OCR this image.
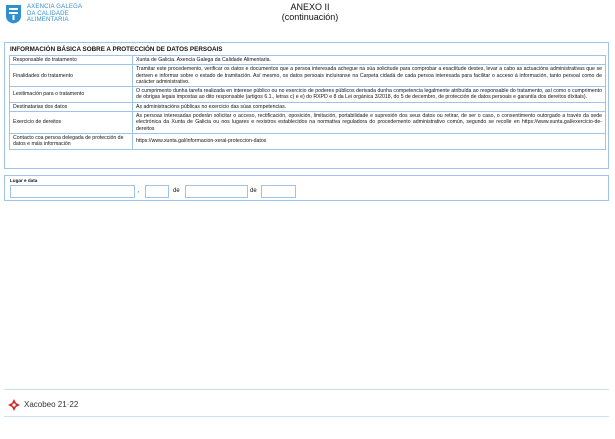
AXENCIA GALEGA
DA CALIDADE
ALIMENTARIA
ANEXO II
(continuación)
INFORMACIÓN BÁSICA SOBRE A PROTECCIÓN DE DATOS PERSOAIS
Responsable do tratamento	Xunta de Galicia. Axencia Galega da Calidade Alimentaria.
Finalidades do tratamento	Tramitar este procedemento, verificar os datos e documentos que a persoa interesada achegue na súa solicitude para comprobar a exactitude destes, levar a cabo as actuacións administrativas que se deriven e informar sobre o estado de tramitación. Así mesmo, os datos persoais incluiranse na Carpeta cidadá de cada persoa interesada para facilitar o acceso á información, tanto persoal como de carácter administrativo.
Lexitimación para o tratamento	O cumprimento dunha tarefa realizada en interese público ou no exercicio de poderes públicos derivada dunha competencia legalmente atribuída ao responsable do tratamento, así como o cumprimento de obrigas legais impostas ao dito responsable (artigos 6.1., letras c) e e) do RXPD e 8 da Lei orgánica 3/2018, do 5 de decembro, de protección de datos persoais e garantía dos dereitos díxitais).
Destinatarias dos datos	As administracións públicas no exercicio das súas competencias.
Exercicio de dereitos	As persoas interesadas poderán solicitar o acceso, rectificación, oposición, limitación, portabilidade e supresión dos seus datos ou retirar, de ser o caso, o consentimento outorgado a través da sede electrónica da Xunta de Galicia ou nos lugares e rexistros establecidos na normativa reguladora do procedemento administrativo común, segundo se recolle en https://www.xunta.gal/exercicio-de-dereitos
Contacto coa persoa delegada de protección de datos e máis información	https://www.xunta.gal/informacion-xeral-proteccion-datos
Lugar e data
,	de	de
Xacobeo 21·22
